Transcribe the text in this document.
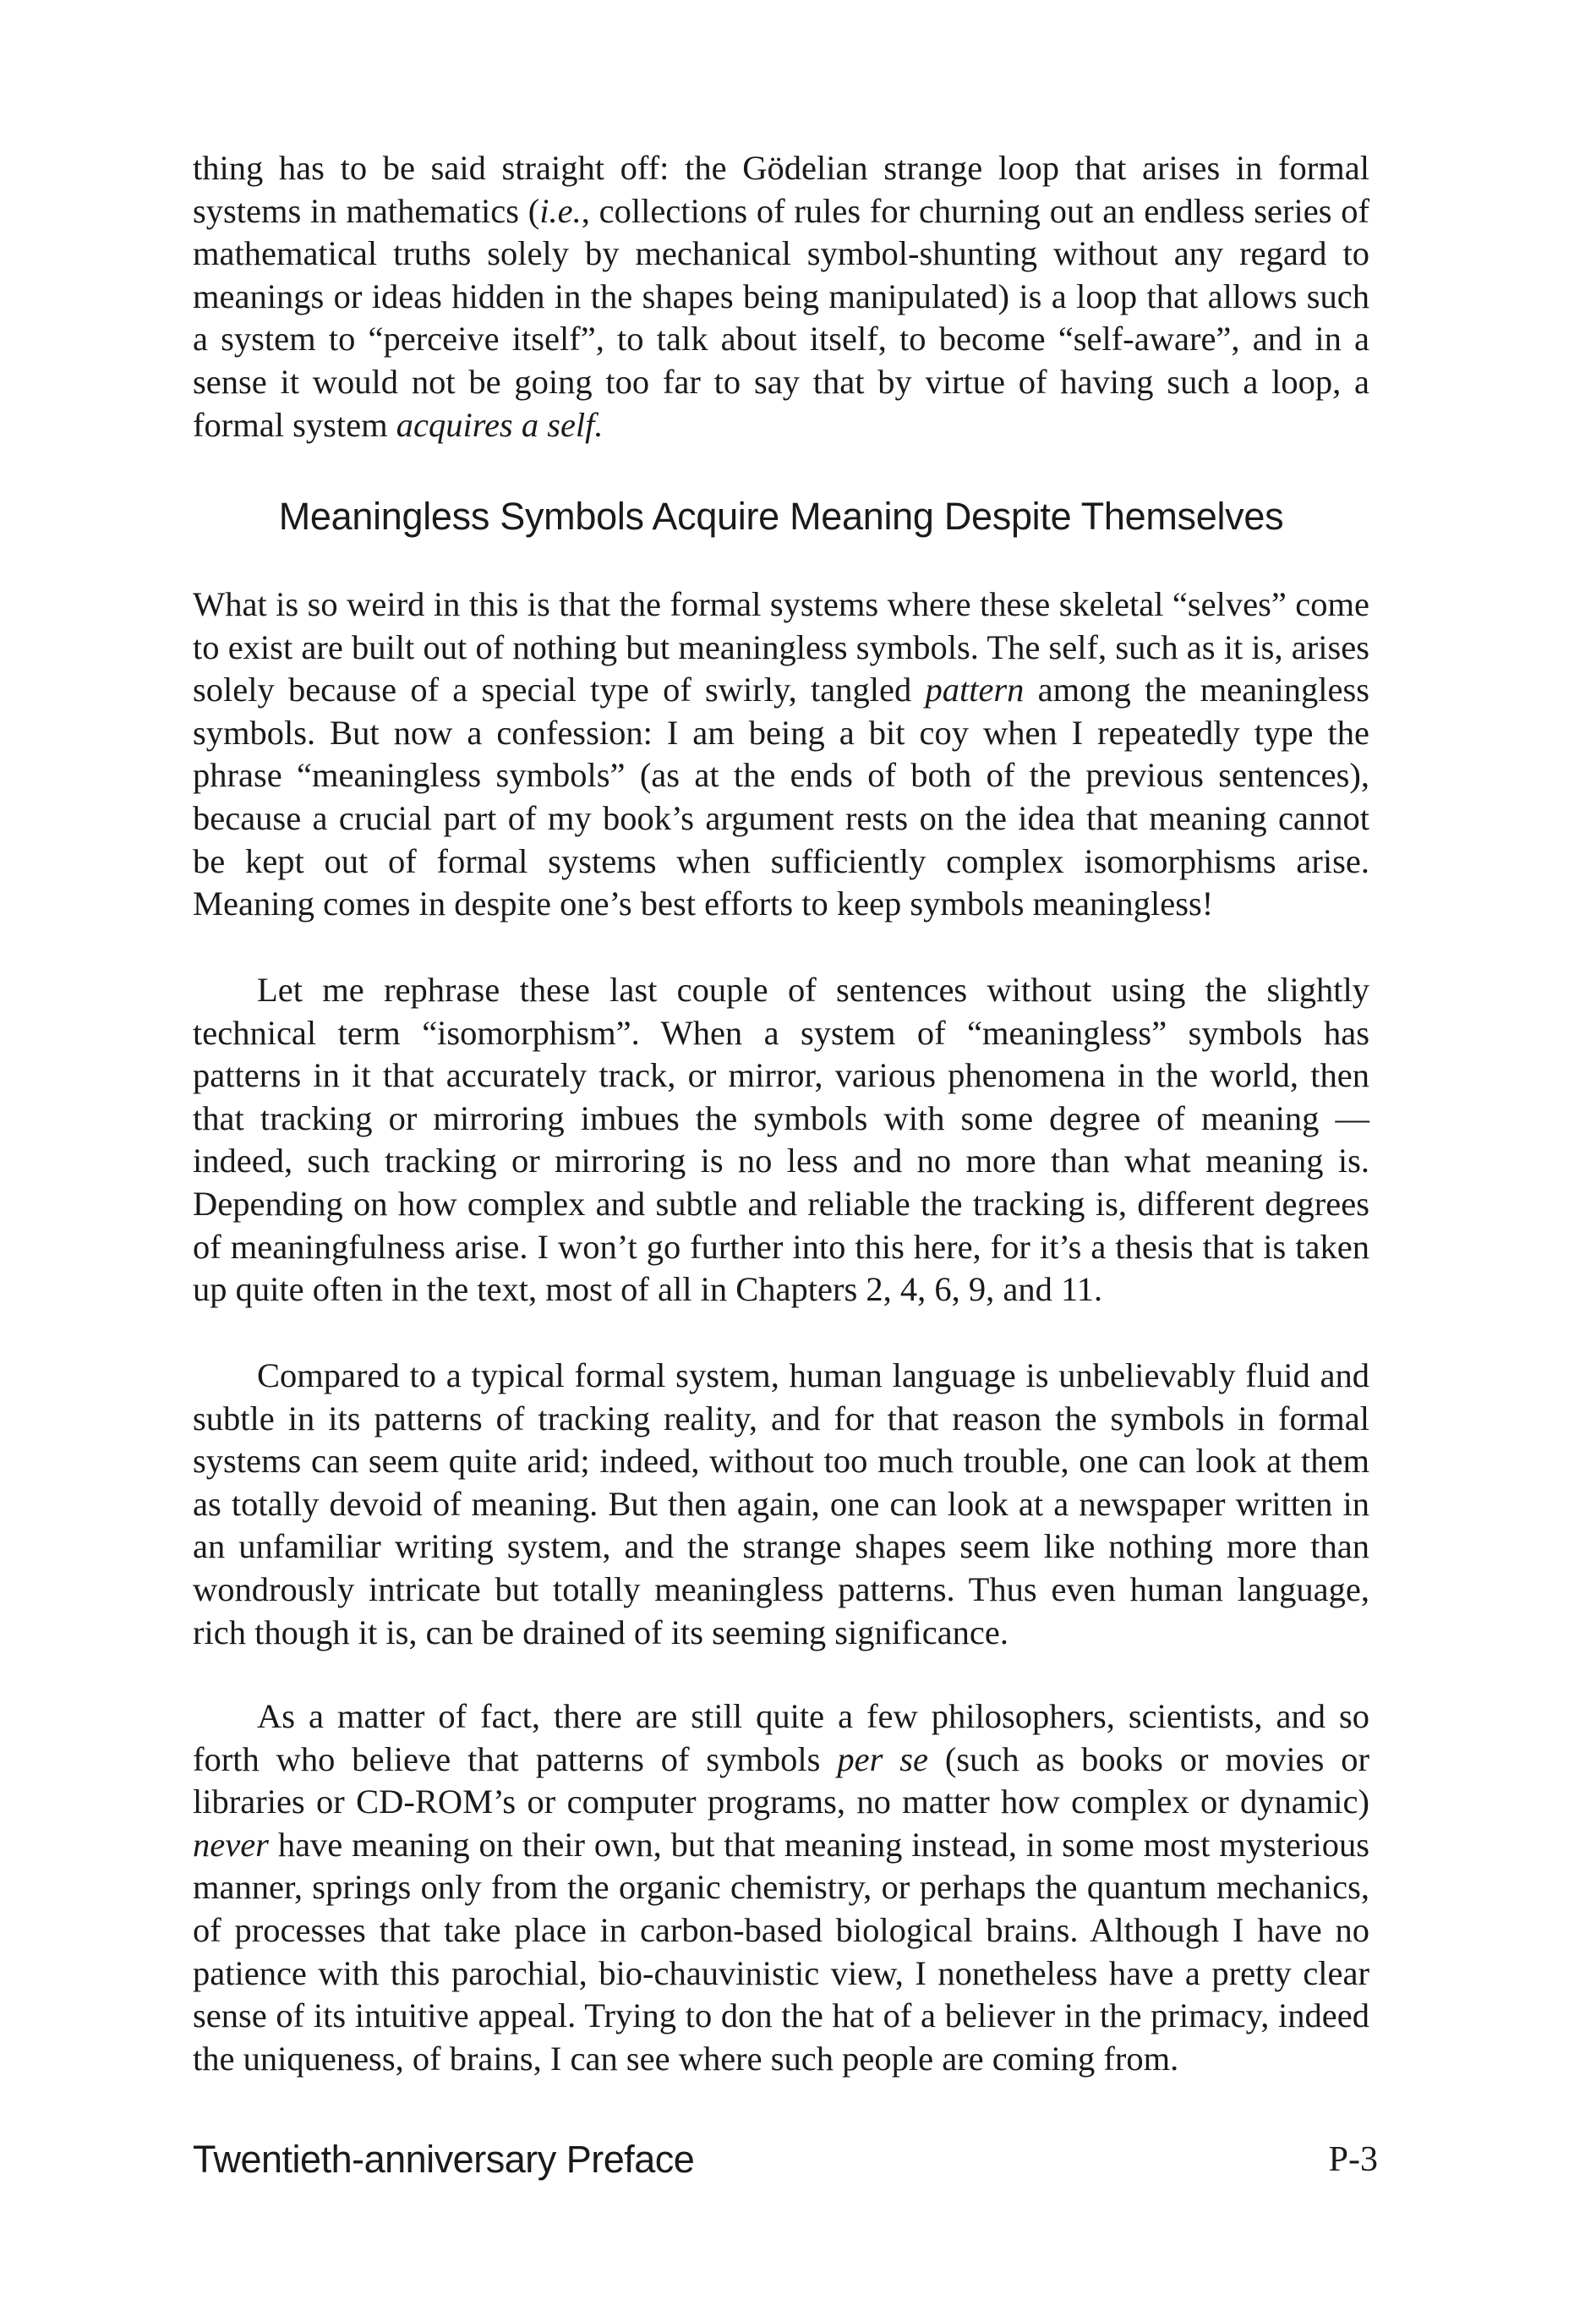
thing has to be said straight off: the Gödelian strange loop that arises in formal systems in mathematics (i.e., collections of rules for churning out an endless series of mathematical truths solely by mechanical symbol-shunting without any regard to meanings or ideas hidden in the shapes being manipulated) is a loop that allows such a system to “perceive itself”, to talk about itself, to become “self-aware”, and in a sense it would not be going too far to say that by virtue of having such a loop, a formal system acquires a self.

Meaningless Symbols Acquire Meaning Despite Themselves

What is so weird in this is that the formal systems where these skeletal “selves” come to exist are built out of nothing but meaningless symbols. The self, such as it is, arises solely because of a special type of swirly, tangled pattern among the meaningless symbols. But now a confession: I am being a bit coy when I repeatedly type the phrase “meaningless symbols” (as at the ends of both of the previous sentences), because a crucial part of my book’s argument rests on the idea that meaning cannot be kept out of formal systems when sufficiently complex isomorphisms arise. Meaning comes in despite one’s best efforts to keep symbols meaningless!

Let me rephrase these last couple of sentences without using the slightly technical term “isomorphism”. When a system of “meaningless” symbols has patterns in it that accurately track, or mirror, various phenomena in the world, then that tracking or mirroring imbues the symbols with some degree of meaning — indeed, such tracking or mirroring is no less and no more than what meaning is. Depending on how complex and subtle and reliable the tracking is, different degrees of meaningfulness arise. I won’t go further into this here, for it’s a thesis that is taken up quite often in the text, most of all in Chapters 2, 4, 6, 9, and 11.

Compared to a typical formal system, human language is unbelievably fluid and subtle in its patterns of tracking reality, and for that reason the symbols in formal systems can seem quite arid; indeed, without too much trouble, one can look at them as totally devoid of meaning. But then again, one can look at a newspaper written in an unfamiliar writing system, and the strange shapes seem like nothing more than wondrously intricate but totally meaningless patterns. Thus even human language, rich though it is, can be drained of its seeming significance.

As a matter of fact, there are still quite a few philosophers, scientists, and so forth who believe that patterns of symbols per se (such as books or movies or libraries or CD-ROM’s or computer programs, no matter how complex or dynamic) never have meaning on their own, but that meaning instead, in some most mysterious manner, springs only from the organic chemistry, or perhaps the quantum mechanics, of processes that take place in carbon-based biological brains. Although I have no patience with this parochial, bio-chauvinistic view, I nonetheless have a pretty clear sense of its intuitive appeal. Trying to don the hat of a believer in the primacy, indeed the uniqueness, of brains, I can see where such people are coming from.

Twentieth-anniversary Preface	P-3
